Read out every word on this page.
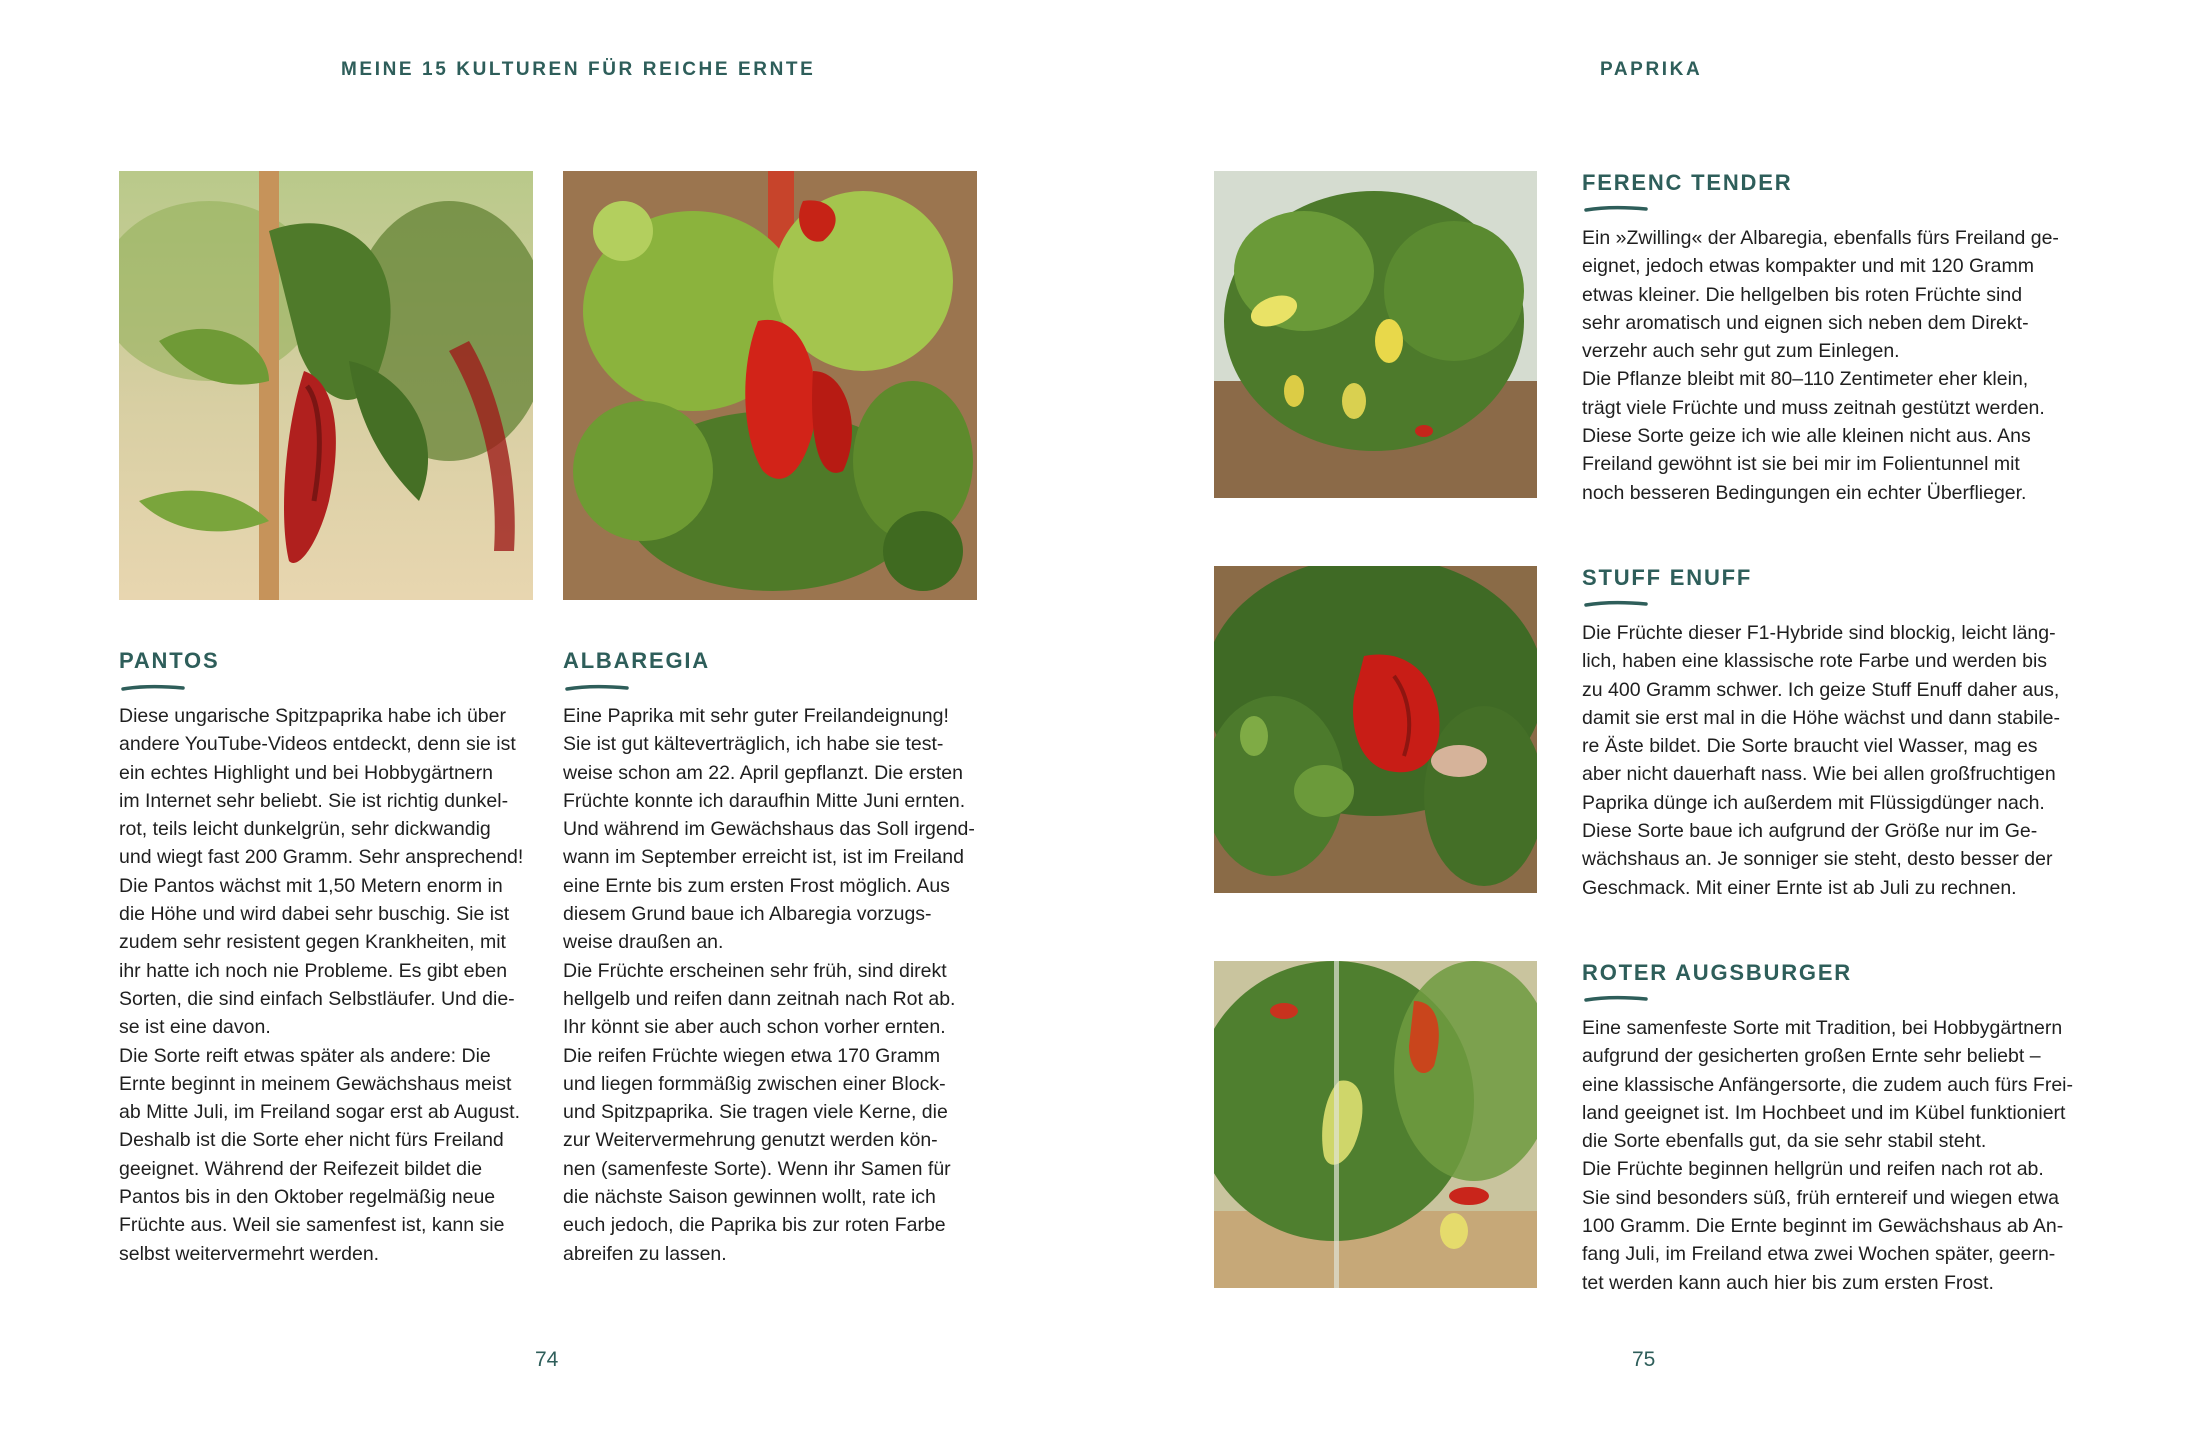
MEINE 15 KULTUREN FÜR REICHE ERNTE	PAPRIKA
PANTOS
Diese ungarische Spitzpaprika habe ich über
andere YouTube-Videos entdeckt, denn sie ist
ein echtes Highlight und bei Hobbygärtnern
im Internet sehr beliebt. Sie ist richtig dunkel-
rot, teils leicht dunkelgrün, sehr dickwandig
und wiegt fast 200 Gramm. Sehr ansprechend!
Die Pantos wächst mit 1,50 Metern enorm in
die Höhe und wird dabei sehr buschig. Sie ist
zudem sehr resistent gegen Krankheiten, mit
ihr hatte ich noch nie Probleme. Es gibt eben
Sorten, die sind einfach Selbstläufer. Und die-
se ist eine davon.
Die Sorte reift etwas später als andere: Die
Ernte beginnt in meinem Gewächshaus meist
ab Mitte Juli, im Freiland sogar erst ab August.
Deshalb ist die Sorte eher nicht fürs Freiland
geeignet. Während der Reifezeit bildet die
Pantos bis in den Oktober regelmäßig neue
Früchte aus. Weil sie samenfest ist, kann sie
selbst weitervermehrt werden.
ALBAREGIA
Eine Paprika mit sehr guter Freilandeignung!
Sie ist gut kälteverträglich, ich habe sie test-
weise schon am 22. April gepflanzt. Die ersten
Früchte konnte ich daraufhin Mitte Juni ernten.
Und während im Gewächshaus das Soll irgend-
wann im September erreicht ist, ist im Freiland
eine Ernte bis zum ersten Frost möglich. Aus
diesem Grund baue ich Albaregia vorzugs-
weise draußen an.
Die Früchte erscheinen sehr früh, sind direkt
hellgelb und reifen dann zeitnah nach Rot ab.
Ihr könnt sie aber auch schon vorher ernten.
Die reifen Früchte wiegen etwa 170 Gramm
und liegen formmäßig zwischen einer Block-
und Spitzpaprika. Sie tragen viele Kerne, die
zur Weitervermehrung genutzt werden kön-
nen (samenfeste Sorte). Wenn ihr Samen für
die nächste Saison gewinnen wollt, rate ich
euch jedoch, die Paprika bis zur roten Farbe
abreifen zu lassen.
74
FERENC TENDER
Ein »Zwilling« der Albaregia, ebenfalls fürs Freiland ge-
eignet, jedoch etwas kompakter und mit 120 Gramm
etwas kleiner. Die hellgelben bis roten Früchte sind
sehr aromatisch und eignen sich neben dem Direkt-
verzehr auch sehr gut zum Einlegen.
Die Pflanze bleibt mit 80–110 Zentimeter eher klein,
trägt viele Früchte und muss zeitnah gestützt werden.
Diese Sorte geize ich wie alle kleinen nicht aus. Ans
Freiland gewöhnt ist sie bei mir im Folientunnel mit
noch besseren Bedingungen ein echter Überflieger.
STUFF ENUFF
Die Früchte dieser F1-Hybride sind blockig, leicht läng-
lich, haben eine klassische rote Farbe und werden bis
zu 400 Gramm schwer. Ich geize Stuff Enuff daher aus,
damit sie erst mal in die Höhe wächst und dann stabile-
re Äste bildet. Die Sorte braucht viel Wasser, mag es
aber nicht dauerhaft nass. Wie bei allen großfruchtigen
Paprika dünge ich außerdem mit Flüssigdünger nach.
Diese Sorte baue ich aufgrund der Größe nur im Ge-
wächshaus an. Je sonniger sie steht, desto besser der
Geschmack. Mit einer Ernte ist ab Juli zu rechnen.
ROTER AUGSBURGER
Eine samenfeste Sorte mit Tradition, bei Hobbygärtnern
aufgrund der gesicherten großen Ernte sehr beliebt –
eine klassische Anfängersorte, die zudem auch fürs Frei-
land geeignet ist. Im Hochbeet und im Kübel funktioniert
die Sorte ebenfalls gut, da sie sehr stabil steht.
Die Früchte beginnen hellgrün und reifen nach rot ab.
Sie sind besonders süß, früh erntereif und wiegen etwa
100 Gramm. Die Ernte beginnt im Gewächshaus ab An-
fang Juli, im Freiland etwa zwei Wochen später, geern-
tet werden kann auch hier bis zum ersten Frost.
75
